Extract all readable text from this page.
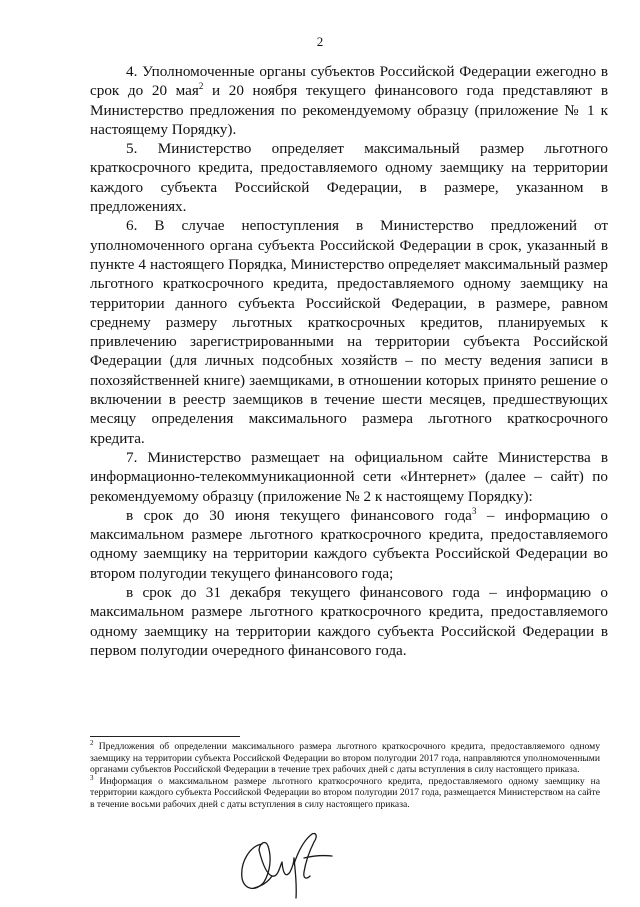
2

4. Уполномоченные органы субъектов Российской Федерации ежегодно в срок до 20 мая$^2$ и 20 ноября текущего финансового года представляют в Министерство предложения по рекомендуемому образцу (приложение № 1 к настоящему Порядку).

5. Министерство определяет максимальный размер льготного краткосрочного кредита, предоставляемого одному заемщику на территории каждого субъекта Российской Федерации, в размере, указанном в предложениях.

6. В случае непоступления в Министерство предложений от уполномоченного органа субъекта Российской Федерации в срок, указанный в пункте 4 настоящего Порядка, Министерство определяет максимальный размер льготного краткосрочного кредита, предоставляемого одному заемщику на территории данного субъекта Российской Федерации, в размере, равном среднему размеру льготных краткосрочных кредитов, планируемых к привлечению зарегистрированными на территории субъекта Российской Федерации (для личных подсобных хозяйств – по месту ведения записи в похозяйственней книге) заемщиками, в отношении которых принято решение о включении в реестр заемщиков в течение шести месяцев, предшествующих месяцу определения максимального размера льготного краткосрочного кредита.

7. Министерство размещает на официальном сайте Министерства в информационно-телекоммуникационной сети «Интернет» (далее – сайт) по рекомендуемому образцу (приложение № 2 к настоящему Порядку):

в срок до 30 июня текущего финансового года$^3$ – информацию о максимальном размере льготного краткосрочного кредита, предоставляемого одному заемщику на территории каждого субъекта Российской Федерации во втором полугодии текущего финансового года;

в срок до 31 декабря текущего финансового года – информацию о максимальном размере льготного краткосрочного кредита, предоставляемого одному заемщику на территории каждого субъекта Российской Федерации в первом полугодии очередного финансового года.

$^2$ Предложения об определении максимального размера льготного краткосрочного кредита, предоставляемого одному заемщику на территории субъекта Российской Федерации во втором полугодии 2017 года, направляются уполномоченными органами субъектов Российской Федерации в течение трех рабочих дней с даты вступления в силу настоящего приказа.

$^3$ Информация о максимальном размере льготного краткосрочного кредита, предоставляемого одному заемщику на территории каждого субъекта Российской Федерации во втором полугодии 2017 года, размещается Министерством на сайте в течение восьми рабочих дней с даты вступления в силу настоящего приказа.
